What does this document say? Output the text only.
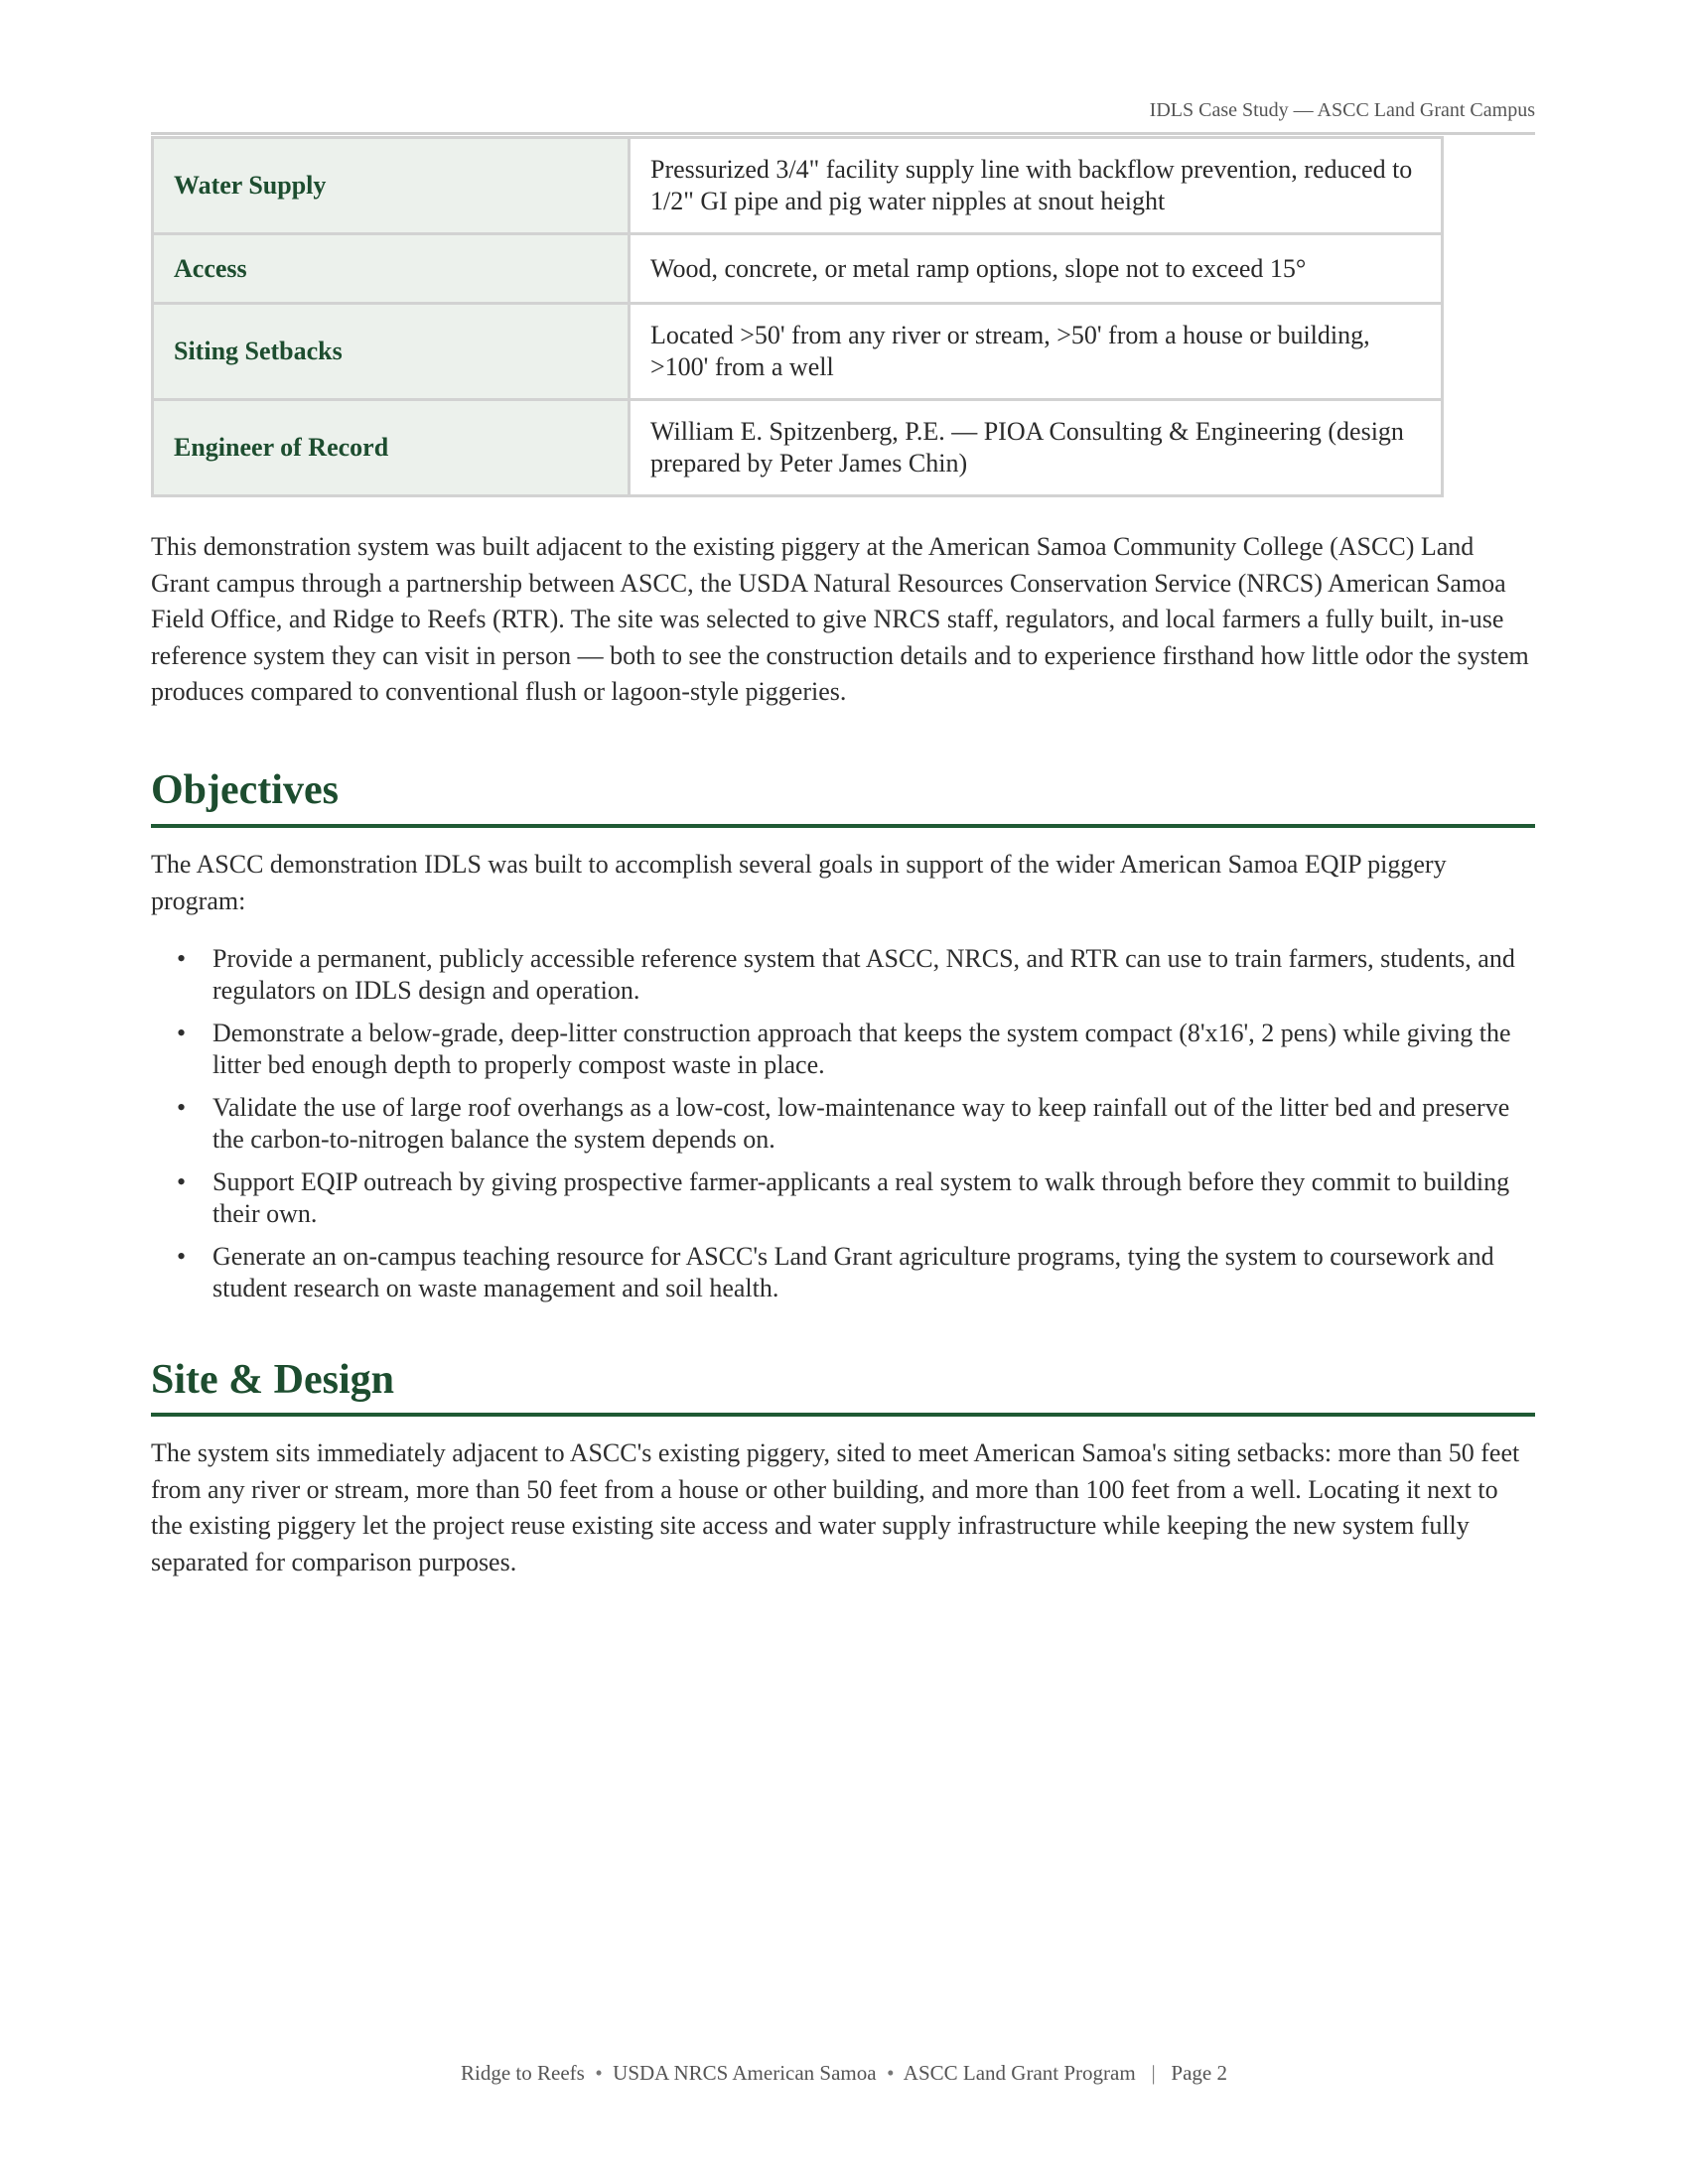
IDLS Case Study — ASCC Land Grant Campus
Water Supply	Pressurized 3/4" facility supply line with backflow prevention, reduced to 1/2" GI pipe and pig water nipples at snout height
Access	Wood, concrete, or metal ramp options, slope not to exceed 15°
Siting Setbacks	Located >50' from any river or stream, >50' from a house or building, >100' from a well
Engineer of Record	William E. Spitzenberg, P.E. — PIOA Consulting & Engineering (design prepared by Peter James Chin)

This demonstration system was built adjacent to the existing piggery at the American Samoa Community College (ASCC) Land Grant campus through a partnership between ASCC, the USDA Natural Resources Conservation Service (NRCS) American Samoa Field Office, and Ridge to Reefs (RTR). The site was selected to give NRCS staff, regulators, and local farmers a fully built, in-use reference system they can visit in person — both to see the construction details and to experience firsthand how little odor the system produces compared to conventional flush or lagoon-style piggeries.

Objectives

The ASCC demonstration IDLS was built to accomplish several goals in support of the wider American Samoa EQIP piggery program:

• Provide a permanent, publicly accessible reference system that ASCC, NRCS, and RTR can use to train farmers, students, and regulators on IDLS design and operation.
• Demonstrate a below-grade, deep-litter construction approach that keeps the system compact (8'x16', 2 pens) while giving the litter bed enough depth to properly compost waste in place.
• Validate the use of large roof overhangs as a low-cost, low-maintenance way to keep rainfall out of the litter bed and preserve the carbon-to-nitrogen balance the system depends on.
• Support EQIP outreach by giving prospective farmer-applicants a real system to walk through before they commit to building their own.
• Generate an on-campus teaching resource for ASCC's Land Grant agriculture programs, tying the system to coursework and student research on waste management and soil health.
Site & Design

The system sits immediately adjacent to ASCC's existing piggery, sited to meet American Samoa's siting setbacks: more than 50 feet from any river or stream, more than 50 feet from a house or other building, and more than 100 feet from a well. Locating it next to the existing piggery let the project reuse existing site access and water supply infrastructure while keeping the new system fully separated for comparison purposes.

Ridge to Reefs • USDA NRCS American Samoa • ASCC Land Grant Program | Page 2
